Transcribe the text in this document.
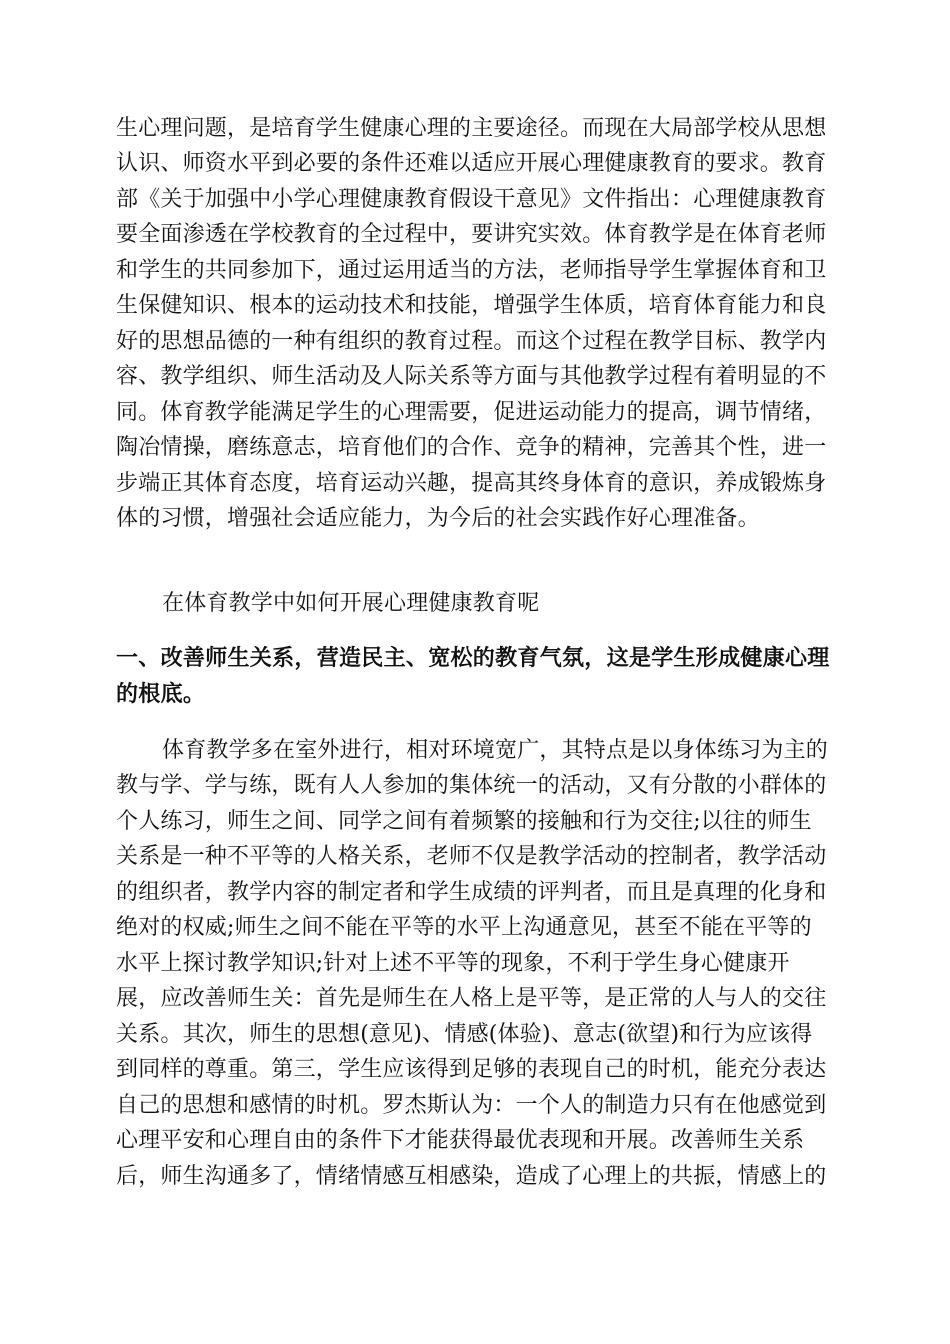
生心理问题，是培育学生健康心理的主要途径。而现在大局部学校从思想
认识、师资水平到必要的条件还难以适应开展心理健康教育的要求。教育
部《关于加强中小学心理健康教育假设干意见》文件指出：心理健康教育
要全面渗透在学校教育的全过程中，要讲究实效。体育教学是在体育老师
和学生的共同参加下，通过运用适当的方法，老师指导学生掌握体育和卫
生保健知识、根本的运动技术和技能，增强学生体质，培育体育能力和良
好的思想品德的一种有组织的教育过程。而这个过程在教学目标、教学内
容、教学组织、师生活动及人际关系等方面与其他教学过程有着明显的不
同。体育教学能满足学生的心理需要，促进运动能力的提高，调节情绪，
陶冶情操，磨练意志，培育他们的合作、竞争的精神，完善其个性，进一
步端正其体育态度，培育运动兴趣，提高其终身体育的意识，养成锻炼身
体的习惯，增强社会适应能力，为今后的社会实践作好心理准备。
在体育教学中如何开展心理健康教育呢
一、改善师生关系，营造民主、宽松的教育气氛，这是学生形成健康心理
的根底。
体育教学多在室外进行，相对环境宽广，其特点是以身体练习为主的
教与学、学与练，既有人人参加的集体统一的活动，又有分散的小群体的
个人练习，师生之间、同学之间有着频繁的接触和行为交往;以往的师生
关系是一种不平等的人格关系，老师不仅是教学活动的控制者，教学活动
的组织者，教学内容的制定者和学生成绩的评判者，而且是真理的化身和
绝对的权威;师生之间不能在平等的水平上沟通意见，甚至不能在平等的
水平上探讨教学知识;针对上述不平等的现象，不利于学生身心健康开
展，应改善师生关：首先是师生在人格上是平等，是正常的人与人的交往
关系。其次，师生的思想(意见)、情感(体验)、意志(欲望)和行为应该得
到同样的尊重。第三，学生应该得到足够的表现自己的时机，能充分表达
自己的思想和感情的时机。罗杰斯认为：一个人的制造力只有在他感觉到
心理平安和心理自由的条件下才能获得最优表现和开展。改善师生关系
后，师生沟通多了，情绪情感互相感染，造成了心理上的共振，情感上的
